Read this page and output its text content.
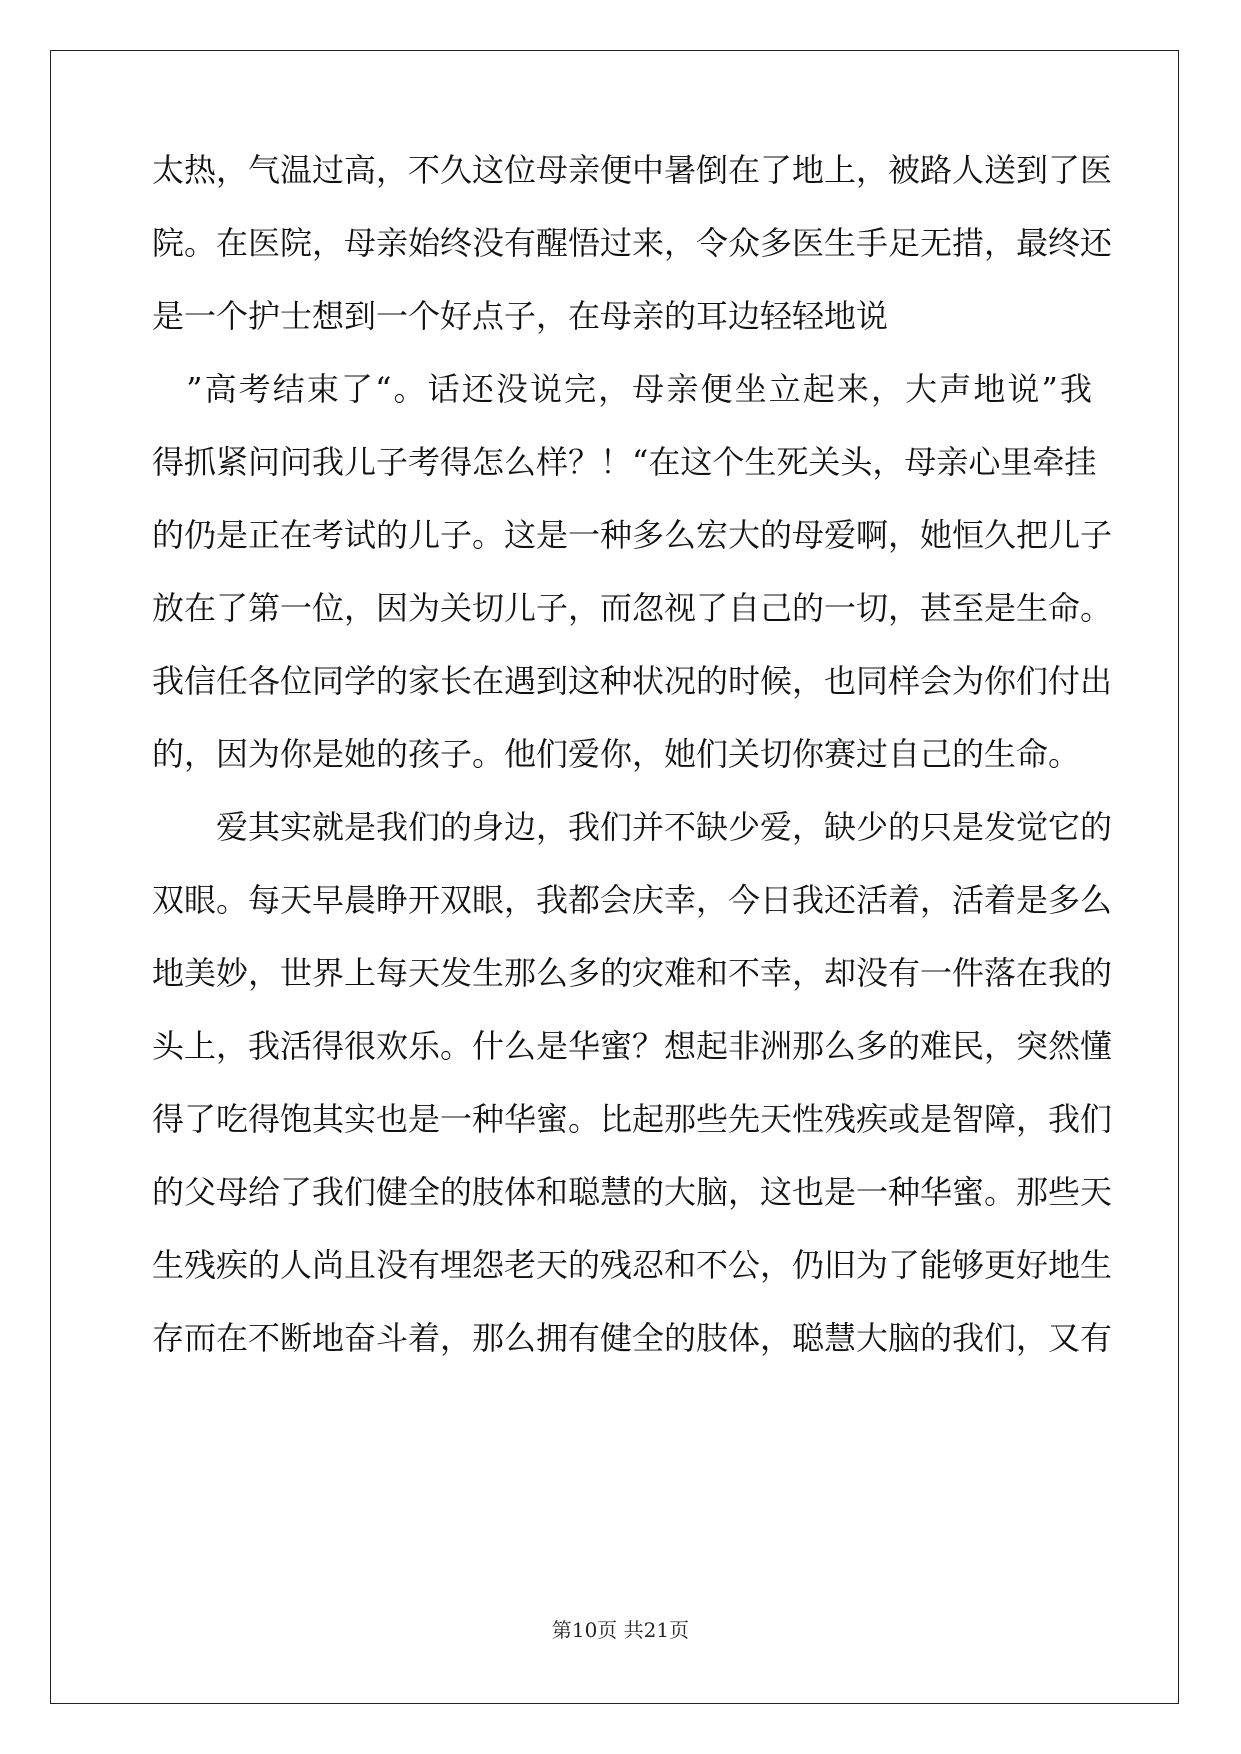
太热，气温过高，不久这位母亲便中暑倒在了地上，被路人送到了医
院。在医院，母亲始终没有醒悟过来，令众多医生手足无措，最终还
是一个护士想到一个好点子，在母亲的耳边轻轻地说
　”高考结束了“。话还没说完，母亲便坐立起来，大声地说”我
得抓紧问问我儿子考得怎么样？！“在这个生死关头，母亲心里牵挂
的仍是正在考试的儿子。这是一种多么宏大的母爱啊，她恒久把儿子
放在了第一位，因为关切儿子，而忽视了自己的一切，甚至是生命。
我信任各位同学的家长在遇到这种状况的时候，也同样会为你们付出
的，因为你是她的孩子。他们爱你，她们关切你赛过自己的生命。
　　爱其实就是我们的身边，我们并不缺少爱，缺少的只是发觉它的
双眼。每天早晨睁开双眼，我都会庆幸，今日我还活着，活着是多么
地美妙，世界上每天发生那么多的灾难和不幸，却没有一件落在我的
头上，我活得很欢乐。什么是华蜜？想起非洲那么多的难民，突然懂
得了吃得饱其实也是一种华蜜。比起那些先天性残疾或是智障，我们
的父母给了我们健全的肢体和聪慧的大脑，这也是一种华蜜。那些天
生残疾的人尚且没有埋怨老天的残忍和不公，仍旧为了能够更好地生
存而在不断地奋斗着，那么拥有健全的肢体，聪慧大脑的我们，又有
第10页 共21页
